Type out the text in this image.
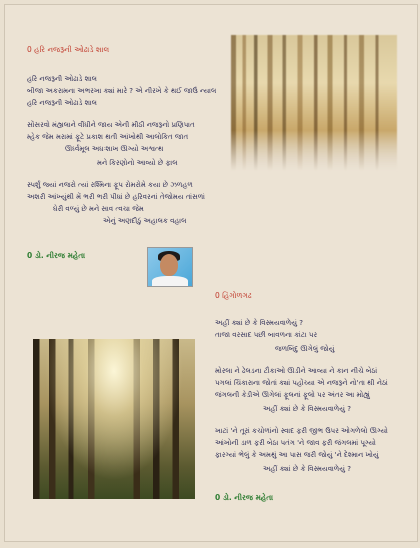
0 હરિ નજરૂની ઓઢાડે શાલ
હરિ નજરૂની ઓઢાડે શાલ
બીજા અકરામના અભરખા ક્યાં મારે ? એ નીરખે કે થઈ જાઉં ન્યાલ
હરિ નજરૂની ઓઢાડે શાલ
સોંસરવો મંહ્યલાને વીંધીને જાય એની મીઠી નજરૂનો પ્રણિપાત
મ્હેક જેમ મરામાં ફૂટે પ્રકાશ થતી આંખોથી આલોકિત જાત
ઊર્ધ્વમૂલ અધઃશાખ ઊગ્યો અશ્વત્થ
મને કિરણોનો આવ્યો છે ફાલ
સ્પર્શું જ્યાં નજરો ત્યાં રશ્મિના ફૂપ રોમરોમે કયા છે ઝળહળ
અશરી આંખ્યુંથી મેં ભરી ભરી પીધાં છે હરિવરનાં તેજોમય તાંસળાં
ઘેરી વળ્યું છે મને સાવ ત્વચા જેમ
એનું અણદીઠું અહાલક વહાલ
0 ડો. નીરજ મહેતા
0 હિંગોળગઢ
અહીં ક્યાં છે કે વિસ્મયવાળેયું ?
તાજા વરસાદ પછી બાવળના કાંટા પર
જળબિંદુ ઊગેલું જોયું
મોરલા ને ઢેલડના ટૌકાઓ ઊડીને આવ્યા ને કાન નીચે બેઠાં
પગલાં ચિંકારાના જોતાં ક્યાં પહોંચ્યા એ નજરૂને નો'તા થી નેઠાં
જંગલની કેડીએ ઊગેલાં ફૂલનાં ફૂલો પર અંતર આ મોહ્યું
અહીં ક્યાં છે કે વિસ્મયવાળેયું ?
ખાટાં 'ને તૂરાં કચોળાંનો સ્વાદ ફરી જીભ ઉપર ઓગળેલો ઊગ્યો
આંખોની ડાળ ફરી બેઠા પતંગ 'ને જાવ ફરી જંગલમાં પૂગ્યો
ફારગ્યાં ભેલું કે અમથું આ પાસ જરી જોયું 'ને દેશ્માન ખોયું
અહીં ક્યાં છે કે વિસ્મયવાળેયું ?
0 ડો. નીરજ મહેતા
